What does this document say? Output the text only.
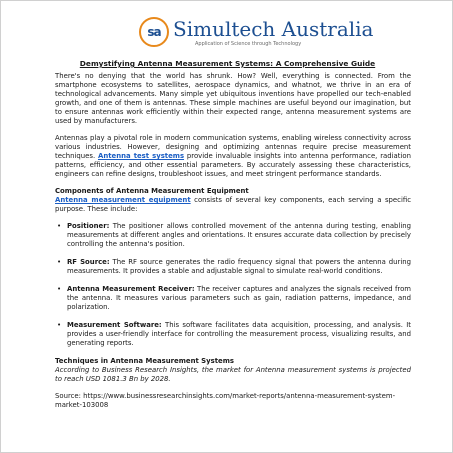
sa Simultech Australia
Application of Science through Technology
Demystifying Antenna Measurement Systems: A Comprehensive Guide

There's no denying that the world has shrunk. How? Well, everything is connected. From the smartphone ecosystems to satellites, aerospace dynamics, and whatnot, we thrive in an era of technological advancements. Many simple yet ubiquitous inventions have propelled our tech-enabled growth, and one of them is antennas. These simple machines are useful beyond our imagination, but to ensure antennas work efficiently within their expected range, antenna measurement systems are used by manufacturers.

Antennas play a pivotal role in modern communication systems, enabling wireless connectivity across various industries. However, designing and optimizing antennas require precise measurement techniques. Antenna test systems provide invaluable insights into antenna performance, radiation patterns, efficiency, and other essential parameters. By accurately assessing these characteristics, engineers can refine designs, troubleshoot issues, and meet stringent performance standards.

Components of Antenna Measurement Equipment

Antenna measurement equipment consists of several key components, each serving a specific purpose. These include:

• Positioner: The positioner allows controlled movement of the antenna during testing, enabling measurements at different angles and orientations. It ensures accurate data collection by precisely controlling the antenna's position.
• RF Source: The RF source generates the radio frequency signal that powers the antenna during measurements. It provides a stable and adjustable signal to simulate real-world conditions.
• Antenna Measurement Receiver: The receiver captures and analyzes the signals received from the antenna. It measures various parameters such as gain, radiation patterns, impedance, and polarization.
• Measurement Software: This software facilitates data acquisition, processing, and analysis. It provides a user-friendly interface for controlling the measurement process, visualizing results, and generating reports.
Techniques in Antenna Measurement Systems

According to Business Research Insights, the market for Antenna measurement systems is projected to reach USD 1081.3 Bn by 2028.

Source: https://www.businessresearchinsights.com/market-reports/antenna-measurement-system-market-103008
